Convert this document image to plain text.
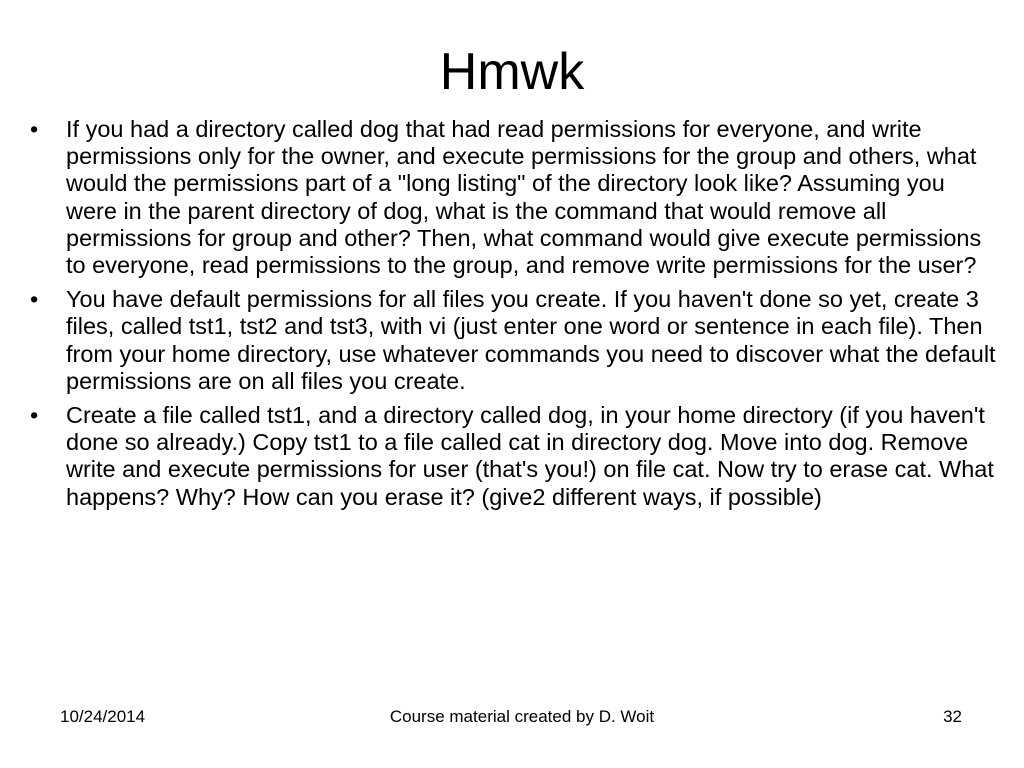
Hmwk
• If you had a directory called dog that had read permissions for everyone, and write permissions only for the owner, and execute permissions for the group and others, what would the permissions part of a "long listing" of the directory look like? Assuming you were in the parent directory of dog, what is the command that would remove all permissions for group and other? Then, what command would give execute permissions to everyone, read permissions to the group, and remove write permissions for the user?
• You have default permissions for all files you create. If you haven't done so yet, create 3 files, called tst1, tst2 and tst3, with vi (just enter one word or sentence in each file). Then from your home directory, use whatever commands you need to discover what the default permissions are on all files you create.
• Create a file called tst1, and a directory called dog, in your home directory (if you haven't done so already.) Copy tst1 to a file called cat in directory dog. Move into dog. Remove write and execute permissions for user (that's you!) on file cat. Now try to erase cat. What happens? Why? How can you erase it? (give2 different ways, if possible)
10/24/2014	Course material created by D. Woit	32
